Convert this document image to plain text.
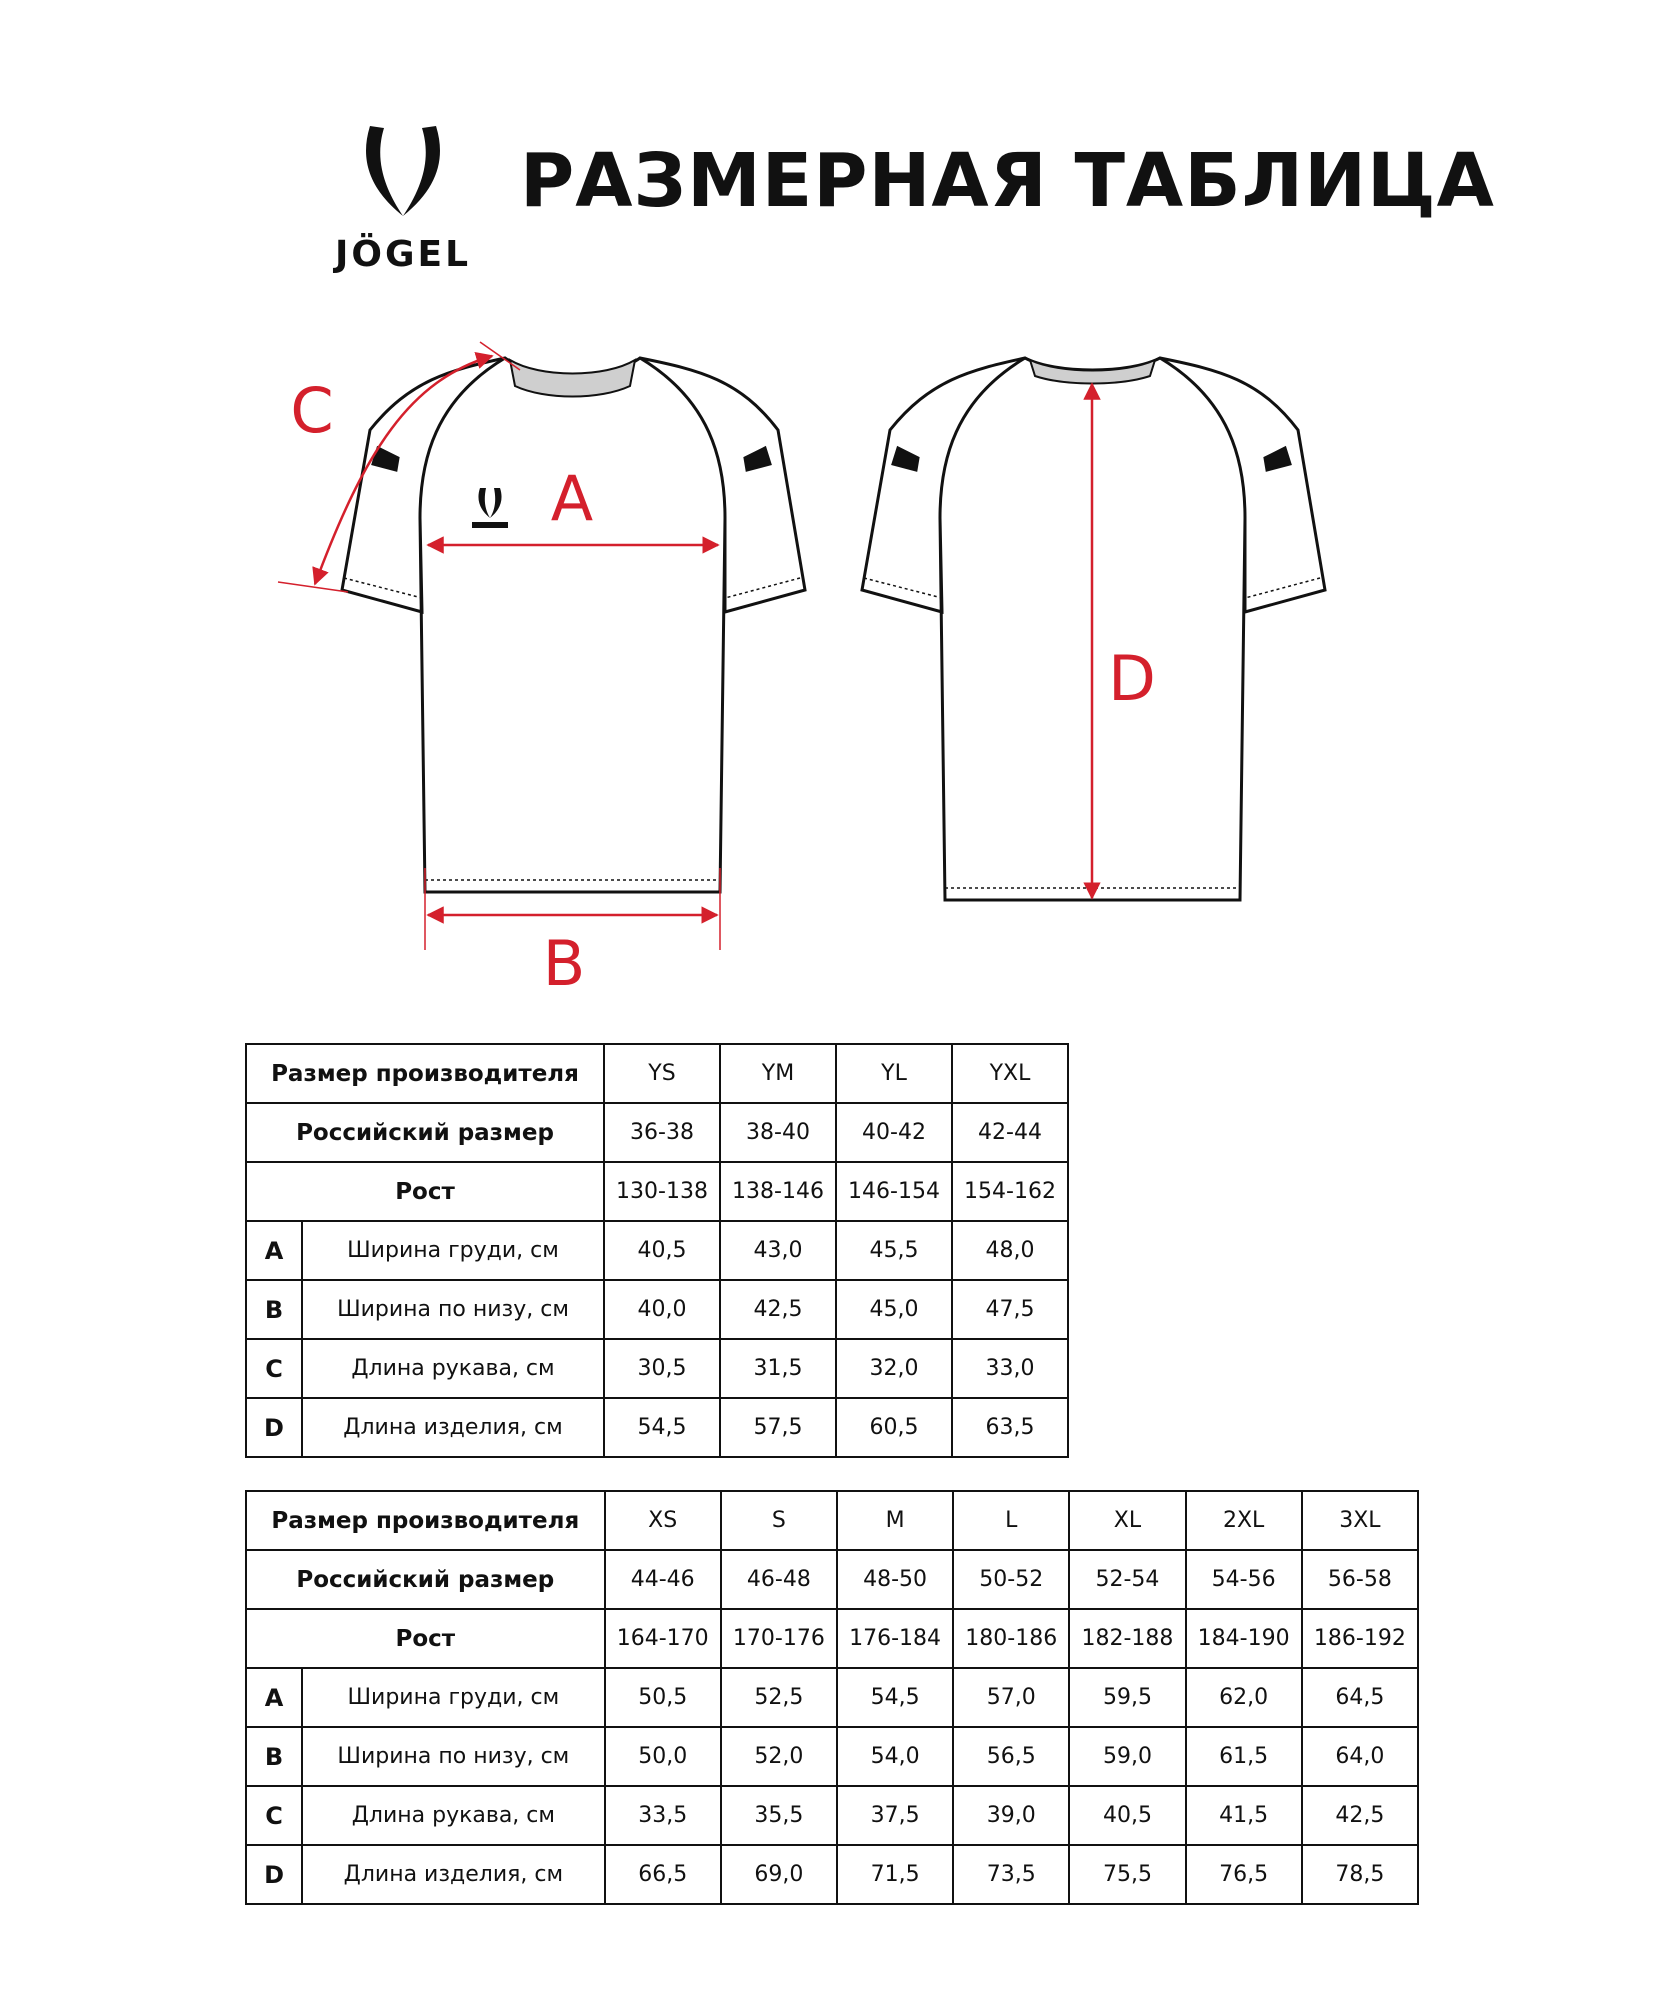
JÖGEL
РАЗМЕРНАЯ ТАБЛИЦА
A
B
C
D
Размер производителя		YS	YM	YL	YXL
Российский размер		36-38	38-40	40-42	42-44
Рост		130-138	138-146	146-154	154-162
A	Ширина груди, см	40,5	43,0	45,5	48,0
B	Ширина по низу, см	40,0	42,5	45,0	47,5
C	Длина рукава, см	30,5	31,5	32,0	33,0
D	Длина изделия, см	54,5	57,5	60,5	63,5
Размер производителя		XS	S	M	L	XL	2XL	3XL
Российский размер		44-46	46-48	48-50	50-52	52-54	54-56	56-58
Рост		164-170	170-176	176-184	180-186	182-188	184-190	186-192
A	Ширина груди, см	50,5	52,5	54,5	57,0	59,5	62,0	64,5
B	Ширина по низу, см	50,0	52,0	54,0	56,5	59,0	61,5	64,0
C	Длина рукава, см	33,5	35,5	37,5	39,0	40,5	41,5	42,5
D	Длина изделия, см	66,5	69,0	71,5	73,5	75,5	76,5	78,5
